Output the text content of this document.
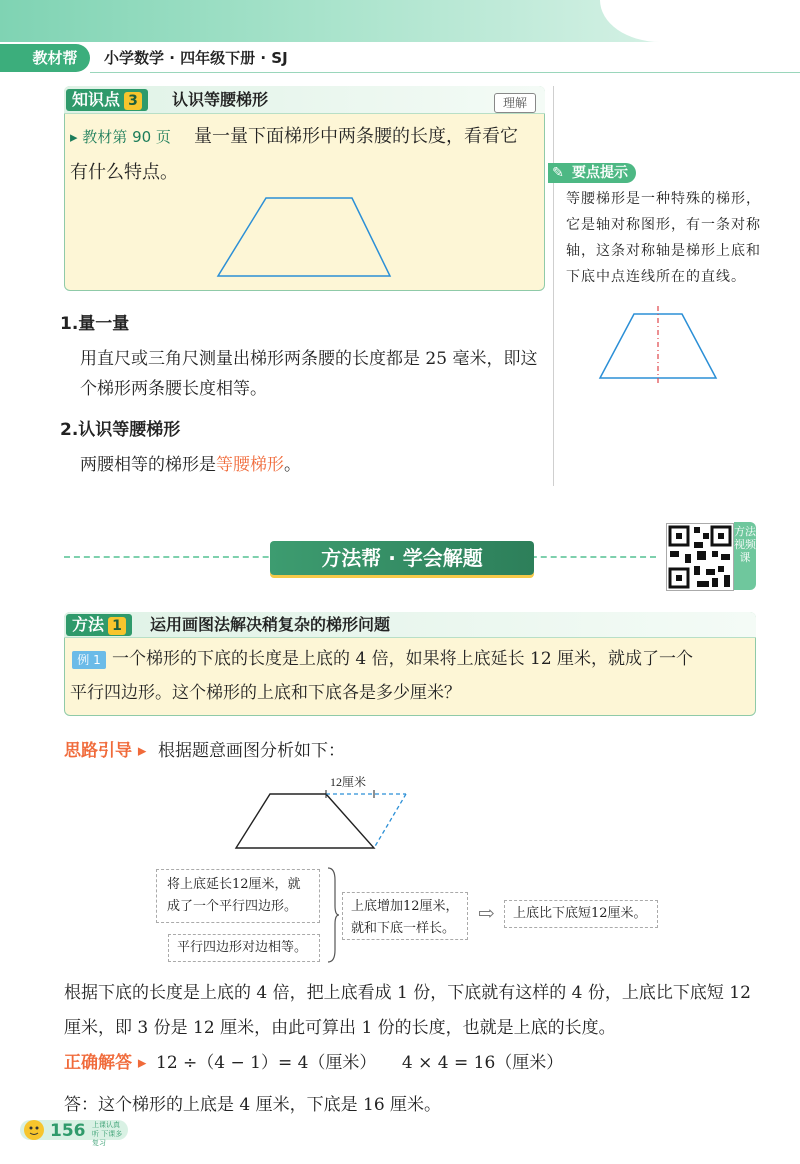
教材帮	小学数学 · 四年级下册 · SJ
知识点 3	认识等腰梯形	理解
▸ 教材第 90 页 量一量下面梯形中两条腰的长度，看看它
有什么特点。	要点提示
✎
等腰梯形是一种特殊的梯形，它是轴对称图形，有一条对称轴，这条对称轴是梯形上底和下底中点连线所在的直线。
1.量一量
用直尺或三角尺测量出梯形两条腰的长度都是 25 毫米，即这个梯形两条腰长度相等。
2.认识等腰梯形
两腰相等的梯形是等腰梯形。
方法帮 · 学会解题
方法视频课
方法 1	运用画图法解决稍复杂的梯形问题
例 1 一个梯形的下底的长度是上底的 4 倍，如果将上底延长 12 厘米，就成了一个
平行四边形。这个梯形的上底和下底各是多少厘米？
思路引导 ▸ 根据题意画图分析如下：
12厘米
将上底延长12厘米，就成了一个平行四边形。
平行四边形对边相等。
上底增加12厘米，就和下底一样长。
⇨	上底比下底短12厘米。
根据下底的长度是上底的 4 倍，把上底看成 1 份，下底就有这样的 4 份，上底比下底短 12 厘米，即 3 份是 12 厘米，由此可算出 1 份的长度，也就是上底的长度。
正确解答 ▸ 12 ÷（4 − 1）= 4（厘米）　　4 × 4 = 16（厘米）
答：这个梯形的上底是 4 厘米，下底是 16 厘米。
156 上课认真听 下课多复习
